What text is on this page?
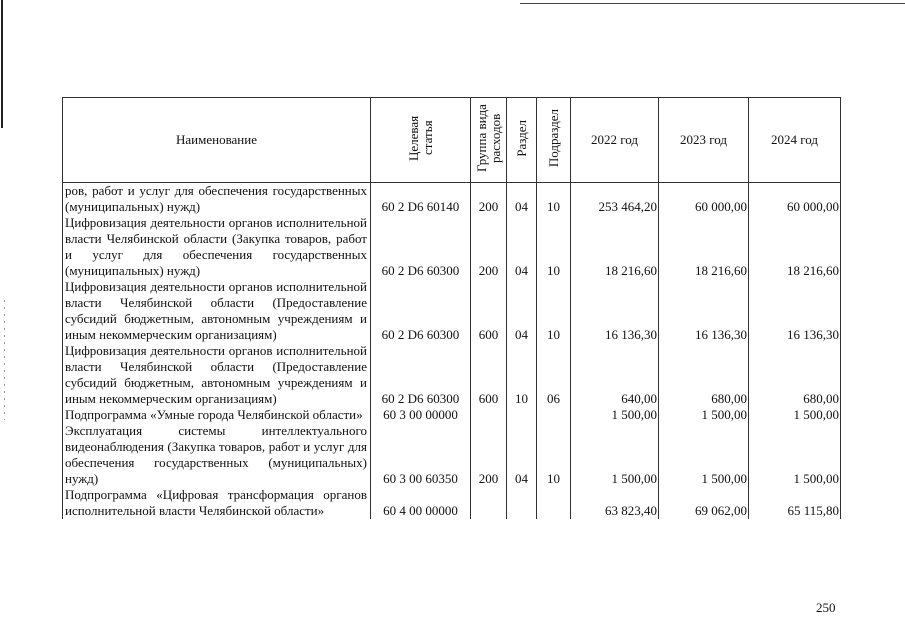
Наименование	Целевая статья	Группа вида расходов	Раздел	Подраздел	2022 год	2023 год	2024 год
ров, работ и услуг для обеспечения государственных (муниципальных) нужд)	60 2 D6 60140	200	04	10	253 464,20	60 000,00	60 000,00
Цифровизация деятельности органов исполнительной власти Челябинской области (Закупка товаров, работ и услуг для обеспечения государственных (муниципальных) нужд)	60 2 D6 60300	200	04	10	18 216,60	18 216,60	18 216,60
Цифровизация деятельности органов исполнительной власти Челябинской области (Предоставление субсидий бюджетным, автономным учреждениям и иным некоммерческим организациям)	60 2 D6 60300	600	04	10	16 136,30	16 136,30	16 136,30
Цифровизация деятельности органов исполнительной власти Челябинской области (Предоставление субсидий бюджетным, автономным учреждениям и иным некоммерческим организациям)	60 2 D6 60300	600	10	06	640,00	680,00	680,00
Подпрограмма «Умные города Челябинской области»	60 3 00 00000				1 500,00	1 500,00	1 500,00
Эксплуатация системы интеллектуального видеонаблюдения (Закупка товаров, работ и услуг для обеспечения государственных (муниципальных) нужд)	60 3 00 60350	200	04	10	1 500,00	1 500,00	1 500,00
Подпрограмма «Цифровая трансформация органов исполнительной власти Челябинской области»	60 4 00 00000				63 823,40	69 062,00	65 115,80
250
